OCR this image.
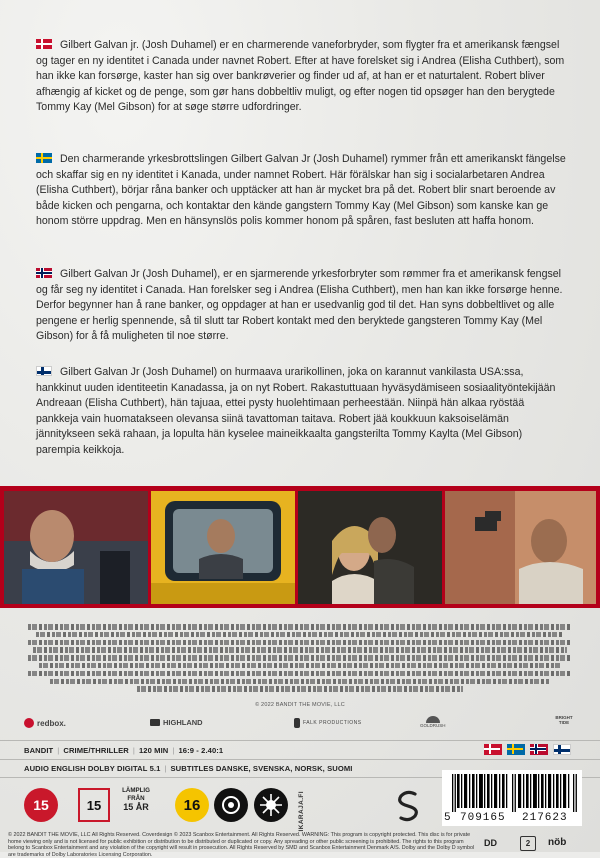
Gilbert Galvan jr. (Josh Duhamel) er en charmerende vaneforbryder, som flygter fra et amerikansk fængsel og tager en ny identitet i Canada under navnet Robert. Efter at have forelsket sig i Andrea (Elisha Cuthbert), som han ikke kan forsørge, kaster han sig over bankrøverier og finder ud af, at han er et naturtalent. Robert bliver afhængig af kicket og de penge, som gør hans dobbeltliv muligt, og efter nogen tid opsøger han den berygtede Tommy Kay (Mel Gibson) for at søge større udfordringer.
Den charmerande yrkesbrottslingen Gilbert Galvan Jr (Josh Duhamel) rymmer från ett amerikanskt fängelse och skaffar sig en ny identitet i Kanada, under namnet Robert. Här förälskar han sig i socialarbetaren Andrea (Elisha Cuthbert), börjar råna banker och upptäcker att han är mycket bra på det. Robert blir snart beroende av både kicken och pengarna, och kontaktar den kände gangstern Tommy Kay (Mel Gibson) som kanske kan ge honom större uppdrag. Men en hänsynslös polis kommer honom på spåren, fast besluten att haffa honom.
Gilbert Galvan Jr (Josh Duhamel), er en sjarmerende yrkesforbryter som rømmer fra et amerikansk fengsel og får seg ny identitet i Canada. Han forelsker seg i Andrea (Elisha Cuthbert), men han kan ikke forsørge henne. Derfor begynner han å rane banker, og oppdager at han er usedvanlig god til det. Han syns dobbeltlivet og alle pengene er herlig spennende, så til slutt tar Robert kontakt med den beryktede gangsteren Tommy Kay (Mel Gibson) for å få muligheten til noe større.
Gilbert Galvan Jr (Josh Duhamel) on hurmaava urarikollinen, joka on karannut vankilasta USA:ssa, hankkinut uuden identiteetin Kanadassa, ja on nyt Robert. Rakastuttuaan hyväsydämiseen sosiaalityöntekijään Andreaan (Elisha Cuthbert), hän tajuaa, ettei pysty huolehtimaan perheestään. Niinpä hän alkaa ryöstää pankkeja vain huomatakseen olevansa siinä tavattoman taitava. Robert jää koukkuun kaksoiselämän jännitykseen sekä rahaan, ja lopulta hän kyselee maineikkaalta gangsterilta Tommy Kaylta (Mel Gibson) parempia keikkoja.
© 2022 BANDIT THE MOVIE, LLC
redbox.	HIGHLAND	FALK PRODUCTIONS	GOLDRUSH
BRIGHT TIDE
BANDIT | CRIME/THRILLER | 120 MIN | 16:9 - 2.40:1
AUDIO ENGLISH DOLBY DIGITAL 5.1 | SUBTITLES DANSKE, SVENSKA, NORSK, SUOMI
15	15
LÄMPLIG
FRÅN
15 ÅR	16	IKARAJA.FI	5 709165 217623
© 2022 BANDIT THE MOVIE, LLC All Rights Reserved. Coverdesign © 2023 Scanbox Entertainment. All Rights Reserved. WARNING: This program is copyright protected. This disc is for private home viewing only and is not licensed for public exhibition or distribution to be distributed or duplicated or copy. Any spreading or other public screening is prohibited. The rights to this program belong to Scanbox Entertainment and any violation of the copyright will result in prosecution. All Rights Reserved by SMD and Scanbox Entertainment Denmark A/S. Dolby and the Dolby D symbol are trademarks of Dolby Laboratories Licensing Corporation.
DD	2	nöb
